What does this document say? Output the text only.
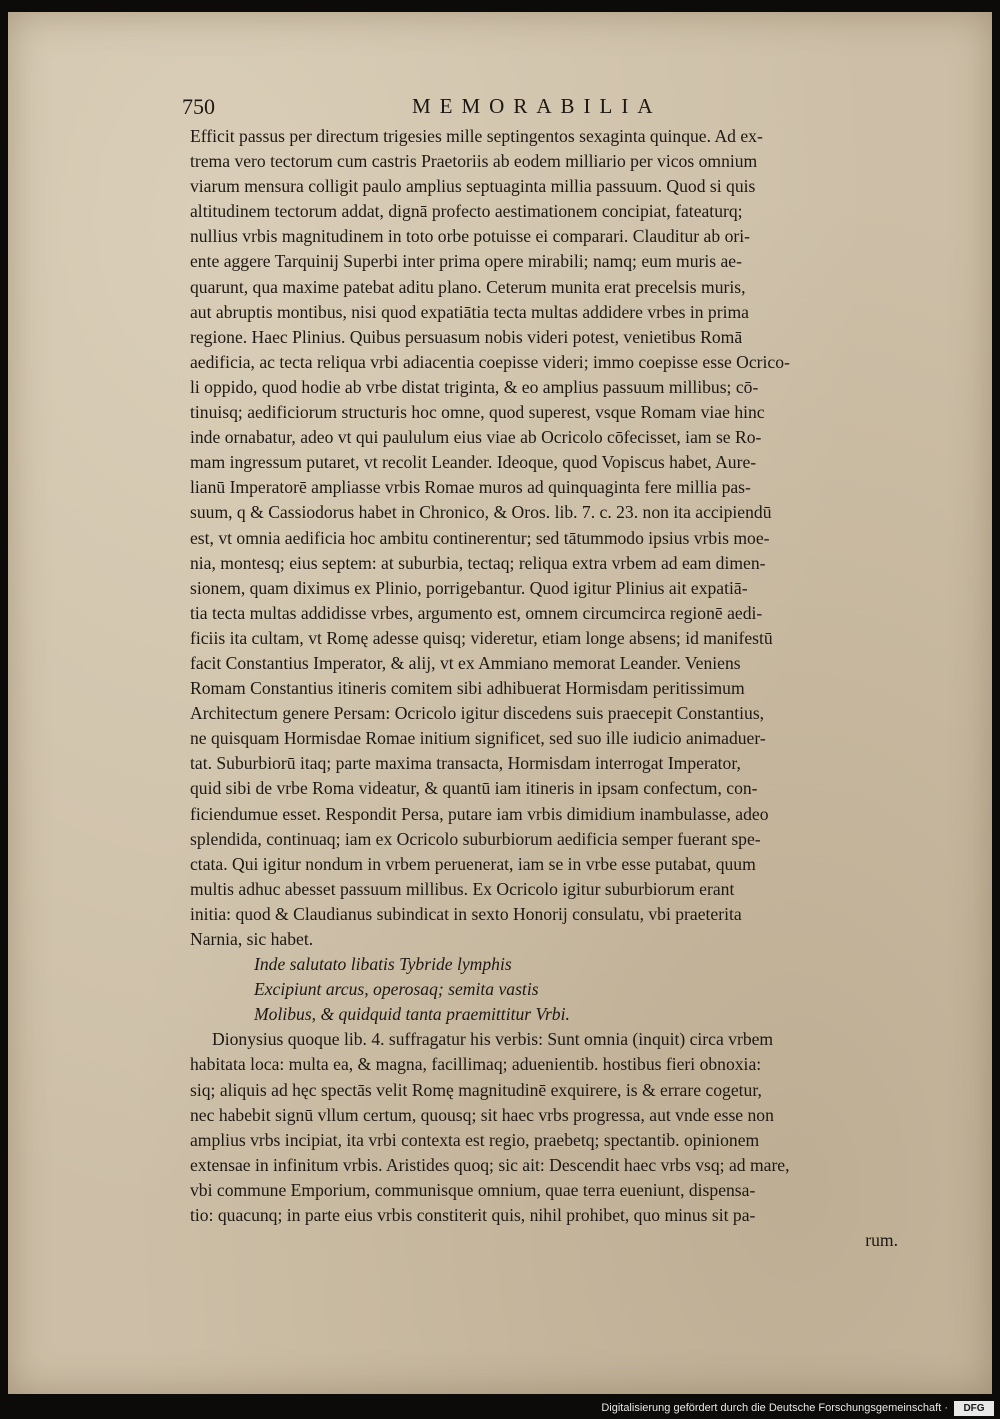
750	MEMORABILIA
Efficit passus per directum trigesies mille septingentos sexaginta quinque. Ad ex-
trema vero tectorum cum castris Praetoriis ab eodem milliario per vicos omnium
viarum mensura colligit paulo amplius septuaginta millia passuum. Quod si quis
altitudinem tectorum addat, dignā profecto aestimationem concipiat, fateaturq;
nullius vrbis magnitudinem in toto orbe potuisse ei comparari. Clauditur ab ori-
ente aggere Tarquinij Superbi inter prima opere mirabili; namq; eum muris ae-
quarunt, qua maxime patebat aditu plano. Ceterum munita erat precelsis muris,
aut abruptis montibus, nisi quod expatiātia tecta multas addidere vrbes in prima
regione. Haec Plinius. Quibus persuasum nobis videri potest, venietibus Romā
aedificia, ac tecta reliqua vrbi adiacentia coepisse videri; immo coepisse esse Ocrico-
li oppido, quod hodie ab vrbe distat triginta, & eo amplius passuum millibus; cō-
tinuisq; aedificiorum structuris hoc omne, quod superest, vsque Romam viae hinc
inde ornabatur, adeo vt qui paululum eius viae ab Ocricolo cōfecisset, iam se Ro-
mam ingressum putaret, vt recolit Leander. Ideoque, quod Vopiscus habet, Aure-
lianū Imperatorē ampliasse vrbis Romae muros ad quinquaginta fere millia pas-
suum, q & Cassiodorus habet in Chronico, & Oros. lib. 7. c. 23. non ita accipiendū
est, vt omnia aedificia hoc ambitu continerentur; sed tātummodo ipsius vrbis moe-
nia, montesq; eius septem: at suburbia, tectaq; reliqua extra vrbem ad eam dimen-
sionem, quam diximus ex Plinio, porrigebantur. Quod igitur Plinius ait expatiā-
tia tecta multas addidisse vrbes, argumento est, omnem circumcirca regionē aedi-
ficiis ita cultam, vt Romę adesse quisq; videretur, etiam longe absens; id manifestū
facit Constantius Imperator, & alij, vt ex Ammiano memorat Leander. Veniens
Romam Constantius itineris comitem sibi adhibuerat Hormisdam peritissimum
Architectum genere Persam: Ocricolo igitur discedens suis praecepit Constantius,
ne quisquam Hormisdae Romae initium significet, sed suo ille iudicio animaduer-
tat. Suburbiorū itaq; parte maxima transacta, Hormisdam interrogat Imperator,
quid sibi de vrbe Roma videatur, & quantū iam itineris in ipsam confectum, con-
ficiendumue esset. Respondit Persa, putare iam vrbis dimidium inambulasse, adeo
splendida, continuaq; iam ex Ocricolo suburbiorum aedificia semper fuerant spe-
ctata. Qui igitur nondum in vrbem peruenerat, iam se in vrbe esse putabat, quum
multis adhuc abesset passuum millibus. Ex Ocricolo igitur suburbiorum erant
initia: quod & Claudianus subindicat in sexto Honorij consulatu, vbi praeterita
Narnia, sic habet.
Inde salutato libatis Tybride lymphis
Excipiunt arcus, operosaq; semita vastis
Molibus, & quidquid tanta praemittitur Vrbi.
Dionysius quoque lib. 4. suffragatur his verbis: Sunt omnia (inquit) circa vrbem
habitata loca: multa ea, & magna, facillimaq; aduenientib. hostibus fieri obnoxia:
siq; aliquis ad hęc spectās velit Romę magnitudinē exquirere, is & errare cogetur,
nec habebit signū vllum certum, quousq; sit haec vrbs progressa, aut vnde esse non
amplius vrbs incipiat, ita vrbi contexta est regio, praebetq; spectantib. opinionem
extensae in infinitum vrbis. Aristides quoq; sic ait: Descendit haec vrbs vsq; ad mare,
vbi commune Emporium, communisque omnium, quae terra eueniunt, dispensa-
tio: quacunq; in parte eius vrbis constiterit quis, nihil prohibet, quo minus sit pa-
rum.
Digitalisierung gefördert durch die Deutsche Forschungsgemeinschaft ·	DFG
